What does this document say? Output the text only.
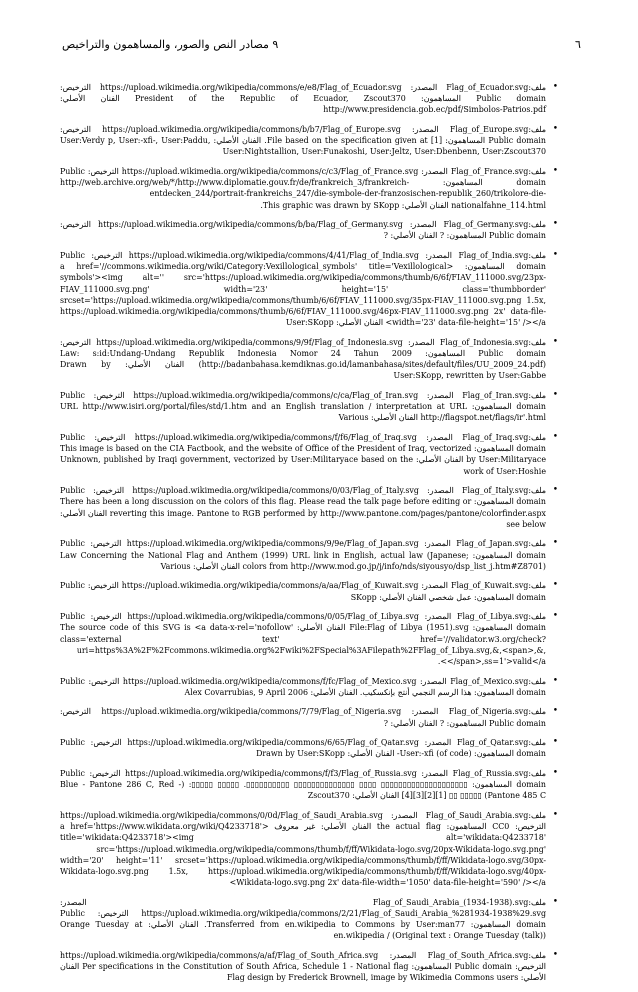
٦
٩ مصادر النص والصور، والمساهمون والتراخيص
•
ملف:Flag_of_Ecuador.svg المصدر: https://upload.wikimedia.org/wikipedia/commons/e/e8/Flag_of_Ecuador.svg الترخيص: Public domain المساهمون: President of the Republic of Ecuador, Zscout370 الفنان الأصلي: http://www.presidencia.gob.ec/pdf/Simbolos-Patrios.pdf
•
ملف:Flag_of_Europe.svg المصدر: https://upload.wikimedia.org/wikipedia/commons/b/b7/Flag_of_Europe.svg الترخيص: Public domain المساهمون: File based on the specification given at [1]. الفنان الأصلي: User:Verdy p, User:-xfi-, User:Paddu, User:Nightstallion, User:Funakoshi, User:Jeltz, User:Dbenbenn, User:Zscout370
•
ملف:Flag_of_France.svg المصدر: https://upload.wikimedia.org/wikipedia/commons/c/c3/Flag_of_France.svg الترخيص: Public domain المساهمون: http://web.archive.org/web/*/http://www.diplomatie.gouv.fr/de/frankreich_3/frankreich-entdecken_244/portrait-frankreichs_247/die-symbole-der-franzosischen-republik_260/trikolore-die-nationalfahne_114.html الفنان الأصلي: This graphic was drawn by SKopp.
•
ملف:Flag_of_Germany.svg المصدر: https://upload.wikimedia.org/wikipedia/commons/b/ba/Flag_of_Germany.svg الترخيص: Public domain المساهمون: ? الفنان الأصلي: ?
•
ملف:Flag_of_India.svg المصدر: https://upload.wikimedia.org/wikipedia/commons/4/41/Flag_of_India.svg الترخيص: Public domain المساهمون: <a href='//commons.wikimedia.org/wiki/Category:Vexillological_symbols' title='Vexillological symbols'><img alt='' src='https://upload.wikimedia.org/wikipedia/commons/thumb/6/6f/FIAV_111000.svg/23px-FIAV_111000.svg.png' width='23' height='15' class='thumbborder' srcset='https://upload.wikimedia.org/wikipedia/commons/thumb/6/6f/FIAV_111000.svg/35px-FIAV_111000.svg.png 1.5x, https://upload.wikimedia.org/wikipedia/commons/thumb/6/6f/FIAV_111000.svg/46px-FIAV_111000.svg.png 2x' data-file-width='23' data-file-height='15' /></a> الفنان الأصلي: User:SKopp
•
ملف:Flag_of_Indonesia.svg المصدر: https://upload.wikimedia.org/wikipedia/commons/9/9f/Flag_of_Indonesia.svg الترخيص: Public domain المساهمون: Law: s:id:Undang-Undang Republik Indonesia Nomor 24 Tahun 2009 (http://badanbahasa.kemdiknas.go.id/lamanbahasa/sites/default/files/UU_2009_24.pdf) الفنان الأصلي: Drawn by User:SKopp, rewritten by User:Gabbe
•
ملف:Flag_of_Iran.svg المصدر: https://upload.wikimedia.org/wikipedia/commons/c/ca/Flag_of_Iran.svg الترخيص: Public domain المساهمون: URL http://www.isiri.org/portal/files/std/1.htm and an English translation / interpretation at URL http://flagspot.net/flags/ir'.html الفنان الأصلي: Various
•
ملف:Flag_of_Iraq.svg المصدر: https://upload.wikimedia.org/wikipedia/commons/f/f6/Flag_of_Iraq.svg الترخيص: Public domain المساهمون: This image is based on the CIA Factbook, and the website of Office of the President of Iraq, vectorized by User:Militaryace الفنان الأصلي: Unknown, published by Iraqi government, vectorized by User:Militaryace based on the work of User:Hoshie
•
ملف:Flag_of_Italy.svg المصدر: https://upload.wikimedia.org/wikipedia/commons/0/03/Flag_of_Italy.svg الترخيص: Public domain المساهمون: There has been a long discussion on the colors of this flag. Please read the talk page before editing or reverting this image. Pantone to RGB performed by http://www.pantone.com/pages/pantone/colorfinder.aspx الفنان الأصلي: see below
•
ملف:Flag_of_Japan.svg المصدر: https://upload.wikimedia.org/wikipedia/commons/9/9e/Flag_of_Japan.svg الترخيص: Public domain المساهمون: Law Concerning the National Flag and Anthem (1999) URL link in English, actual law (Japanese; colors from http://www.mod.go.jp/j/info/nds/siyousyo/dsp_list_j.htm#Z8701) الفنان الأصلي: Various
•
ملف:Flag_of_Kuwait.svg المصدر: https://upload.wikimedia.org/wikipedia/commons/a/aa/Flag_of_Kuwait.svg الترخيص: Public domain المساهمون: عمل شخصي الفنان الأصلي: SKopp
•
ملف:Flag_of_Libya.svg المصدر: https://upload.wikimedia.org/wikipedia/commons/0/05/Flag_of_Libya.svg الترخيص: Public domain المساهمون: File:Flag of Libya (1951).svg الفنان الأصلي: The source code of this SVG is <a data-x-rel='nofollow' class='external text' href='//validator.w3.org/check?uri=https%3A%2F%2Fcommons.wikimedia.org%2Fwiki%2FSpecial%3AFilepath%2FFlag_of_Libya.svg,&,<span>,&,</span>,ss=1'>valid</a>.
•
ملف:Flag_of_Mexico.svg المصدر: https://upload.wikimedia.org/wikipedia/commons/f/fc/Flag_of_Mexico.svg الترخيص: Public domain المساهمون: هذا الرسم النجمي أنتج بإنكسكيب. الفنان الأصلي: Alex Covarrubias, 9 April 2006
•
ملف:Flag_of_Nigeria.svg المصدر: https://upload.wikimedia.org/wikipedia/commons/7/79/Flag_of_Nigeria.svg الترخيص: Public domain المساهمون: ? الفنان الأصلي: ?
•
ملف:Flag_of_Qatar.svg المصدر: https://upload.wikimedia.org/wikipedia/commons/6/65/Flag_of_Qatar.svg الترخيص: Public domain المساهمون: (of code) User:-xfi- الفنان الأصلي: Drawn by User:SKopp
•
ملف:Flag_of_Russia.svg المصدر: https://upload.wikimedia.org/wikipedia/commons/f/f3/Flag_of_Russia.svg الترخيص: Public domain المساهمون: ▯▯▯▯▯▯▯▯▯▯▯▯▯▯▯▯▯▯▯▯ ▯▯▯▯ ▯▯▯▯▯▯▯▯▯▯▯▯▯▯ ▯▯▯▯▯▯▯▯▯▯. ▯▯▯▯▯ ▯▯▯▯▯: (Blue - Pantone 286 C, Red - Pantone 485 C) ▯▯▯▯▯ ▯▯ [1][2][3][4] الفنان الأصلي: Zscout370
•
ملف:Flag_of_Saudi_Arabia.svg المصدر: https://upload.wikimedia.org/wikipedia/commons/0/0d/Flag_of_Saudi_Arabia.svg الترخيص: CC0 المساهمون: the actual flag الفنان الأصلي: غير معروف <a href='https://www.wikidata.org/wiki/Q4233718' title='wikidata:Q4233718'><img alt='wikidata:Q4233718' src='https://upload.wikimedia.org/wikipedia/commons/thumb/f/ff/Wikidata-logo.svg/20px-Wikidata-logo.svg.png' width='20' height='11' srcset='https://upload.wikimedia.org/wikipedia/commons/thumb/f/ff/Wikidata-logo.svg/30px-Wikidata-logo.svg.png 1.5x, https://upload.wikimedia.org/wikipedia/commons/thumb/f/ff/Wikidata-logo.svg/40px-Wikidata-logo.svg.png 2x' data-file-width='1050' data-file-height='590' /></a>
•
ملف:Flag_of_Saudi_Arabia_(1934-1938).svg المصدر: https://upload.wikimedia.org/wikipedia/commons/2/21/Flag_of_Saudi_Arabia_%281934-1938%29.svg الترخيص: Public domain المساهمون: Transferred from en.wikipedia to Commons by User:man77. الفنان الأصلي: Orange Tuesday at en.wikipedia / (Original text : Orange Tuesday (talk))
•
ملف:Flag_of_South_Africa.svg المصدر: https://upload.wikimedia.org/wikipedia/commons/a/af/Flag_of_South_Africa.svg الترخيص: Public domain المساهمون: Per specifications in the Constitution of South Africa, Schedule 1 - National flag الفنان الأصلي: Flag design by Frederick Brownell, image by Wikimedia Commons users
